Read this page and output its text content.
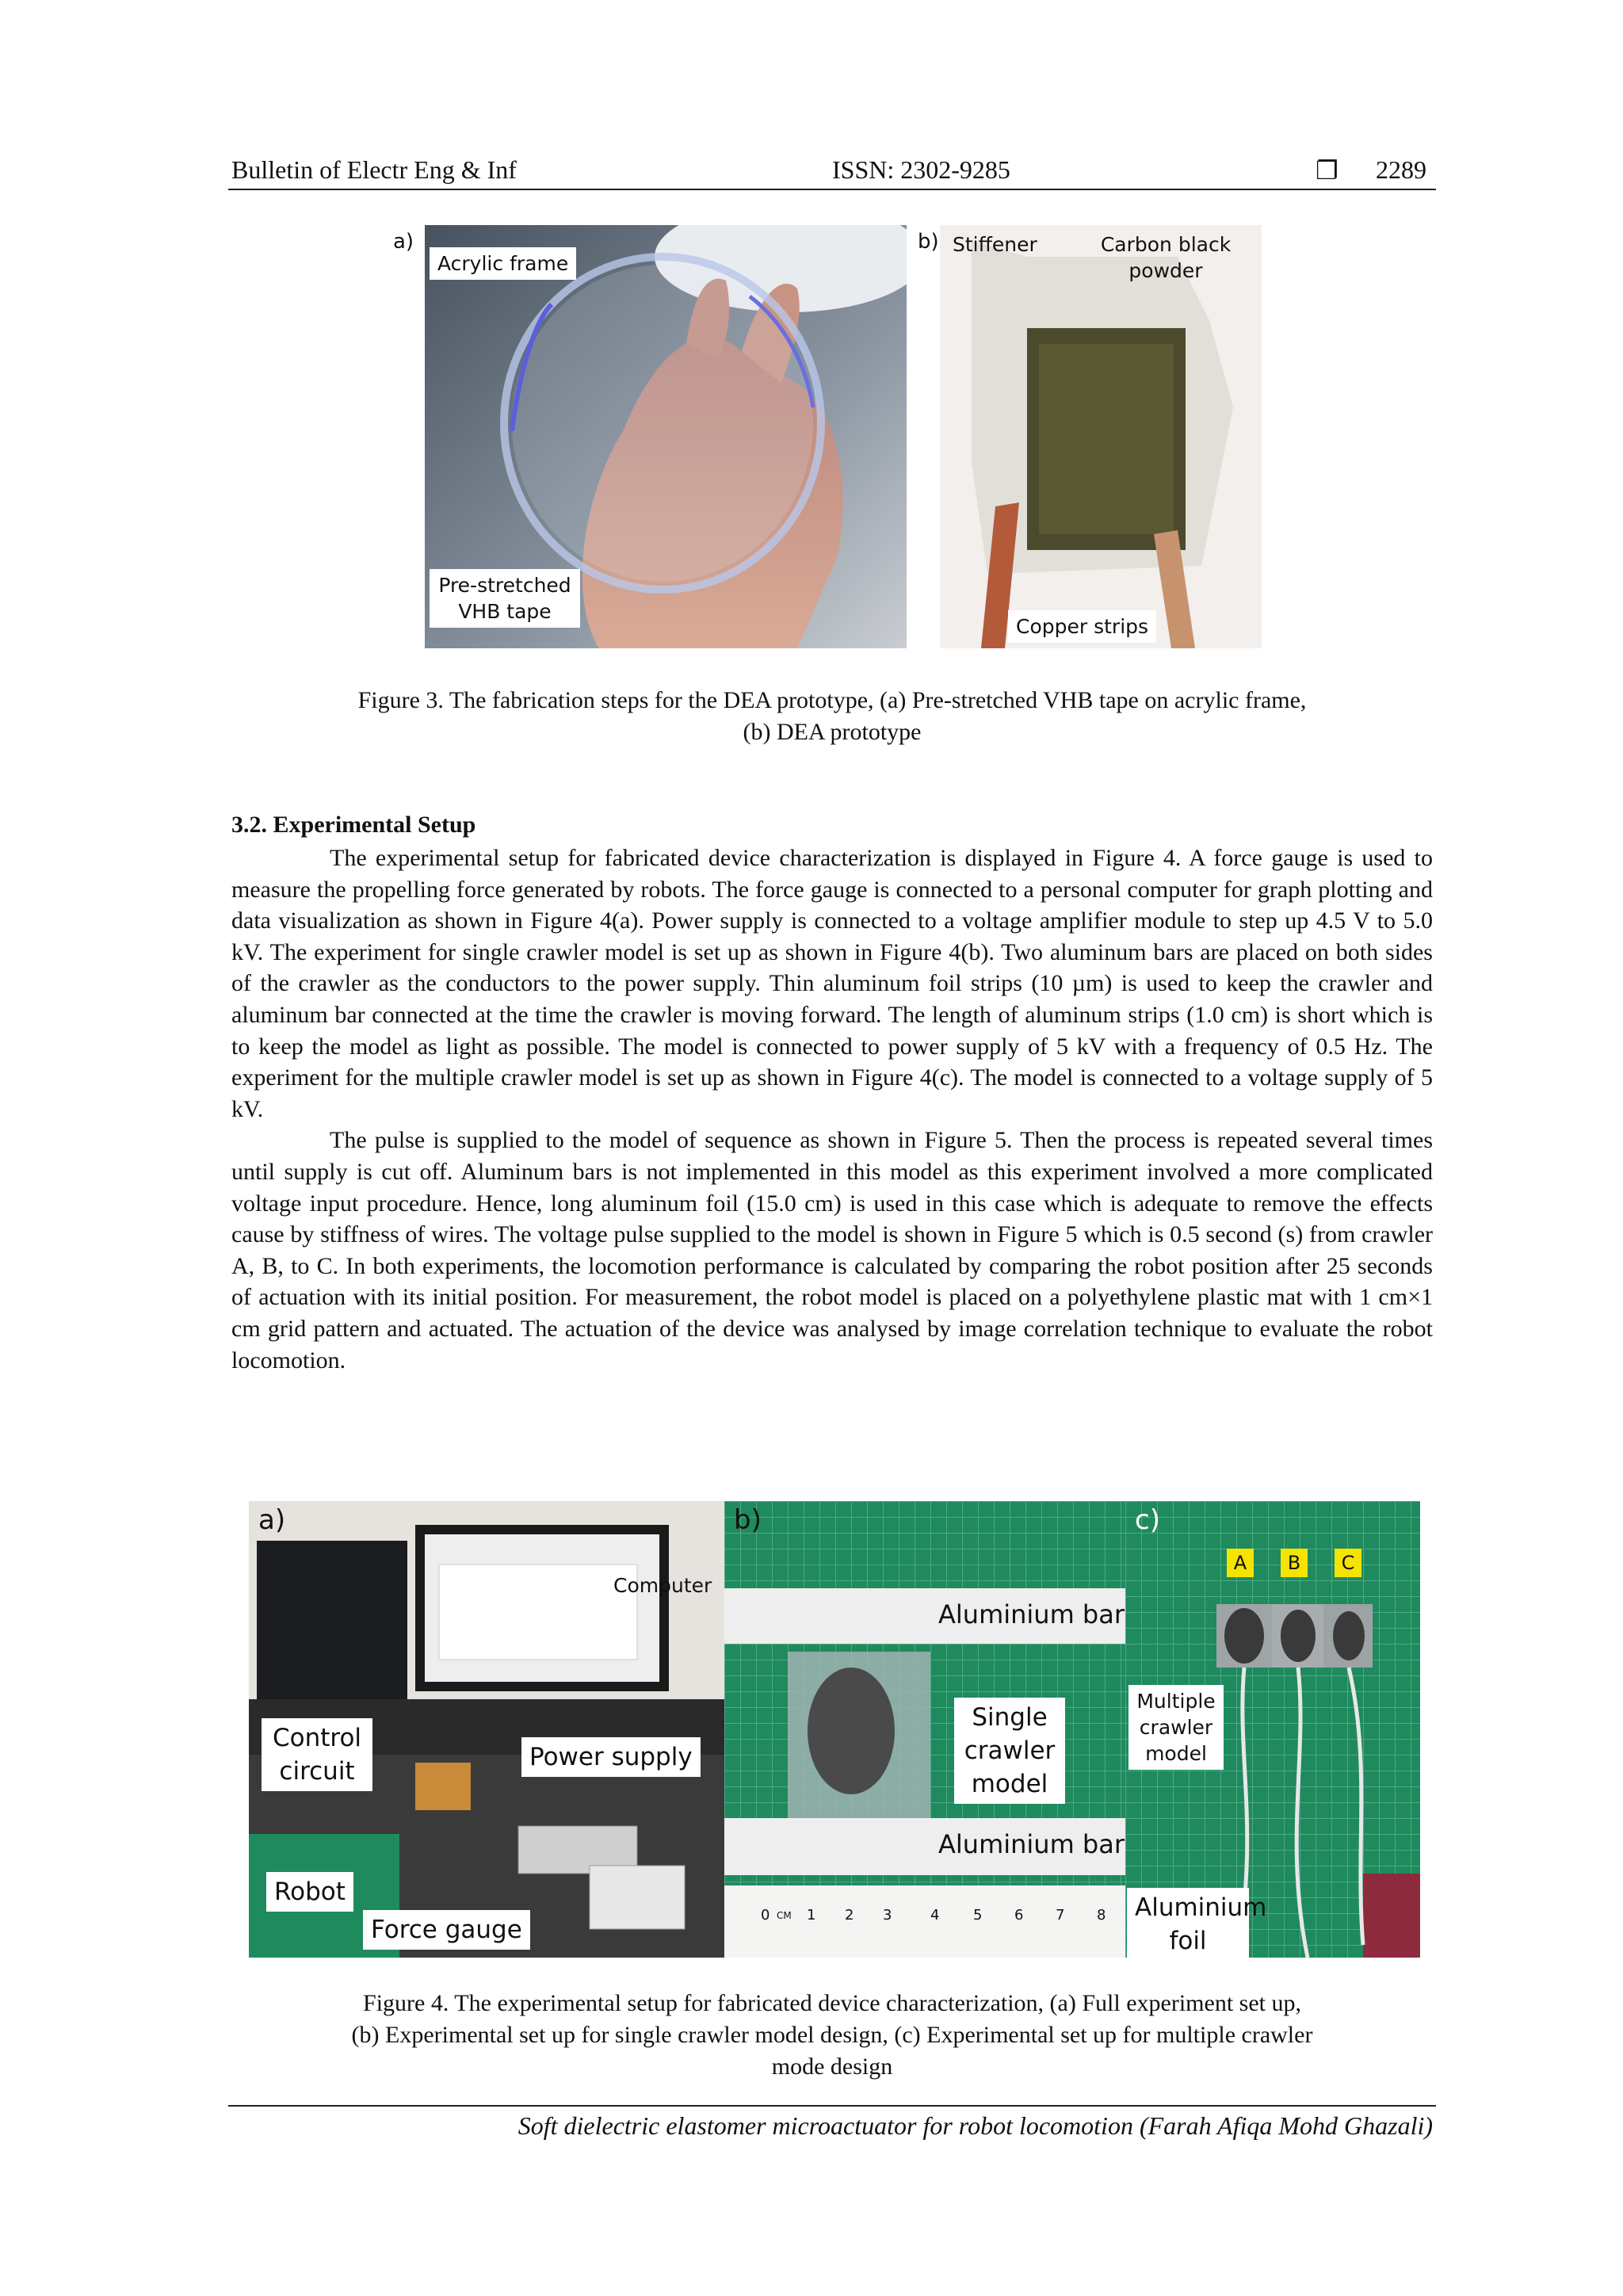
Bulletin of Electr Eng & Inf	ISSN: 2302-9285	❐ 2289
a)
Acrylic frame
Pre-stretched VHB tape
b) Stiffener	Carbon black powder
Copper strips
Figure 3. The fabrication steps for the DEA prototype, (a) Pre-stretched VHB tape on acrylic frame,
(b) DEA prototype
3.2. Experimental Setup

The experimental setup for fabricated device characterization is displayed in Figure 4. A force gauge is used to measure the propelling force generated by robots. The force gauge is connected to a personal computer for graph plotting and data visualization as shown in Figure 4(a). Power supply is connected to a voltage amplifier module to step up 4.5 V to 5.0 kV. The experiment for single crawler model is set up as shown in Figure 4(b). Two aluminum bars are placed on both sides of the crawler as the conductors to the power supply. Thin aluminum foil strips (10 µm) is used to keep the crawler and aluminum bar connected at the time the crawler is moving forward. The length of aluminum strips (1.0 cm) is short which is to keep the model as light as possible. The model is connected to power supply of 5 kV with a frequency of 0.5 Hz. The experiment for the multiple crawler model is set up as shown in Figure 4(c). The model is connected to a voltage supply of 5 kV.

The pulse is supplied to the model of sequence as shown in Figure 5. Then the process is repeated several times until supply is cut off. Aluminum bars is not implemented in this model as this experiment involved a more complicated voltage input procedure. Hence, long aluminum foil (15.0 cm) is used in this case which is adequate to remove the effects cause by stiffness of wires. The voltage pulse supplied to the model is shown in Figure 5 which is 0.5 second (s) from crawler A, B, to C. In both experiments, the locomotion performance is calculated by comparing the robot position after 25 seconds of actuation with its initial position. For measurement, the robot model is placed on a polyethylene plastic mat with 1 cm×1 cm grid pattern and actuated. The actuation of the device was analysed by image correlation technique to evaluate the robot locomotion.

a)
Computer
Control circuit	Power supply
Robot
Force gauge
b)
Aluminium bar
Single crawler model
Aluminium bar
0 CM 1 2 3	4 5 6 7 8
c)
A	B	C
Multiple crawler model
Aluminium foil
Figure 4. The experimental setup for fabricated device characterization, (a) Full experiment set up,
(b) Experimental set up for single crawler model design, (c) Experimental set up for multiple crawler
mode design
Soft dielectric elastomer microactuator for robot locomotion (Farah Afiqa Mohd Ghazali)
